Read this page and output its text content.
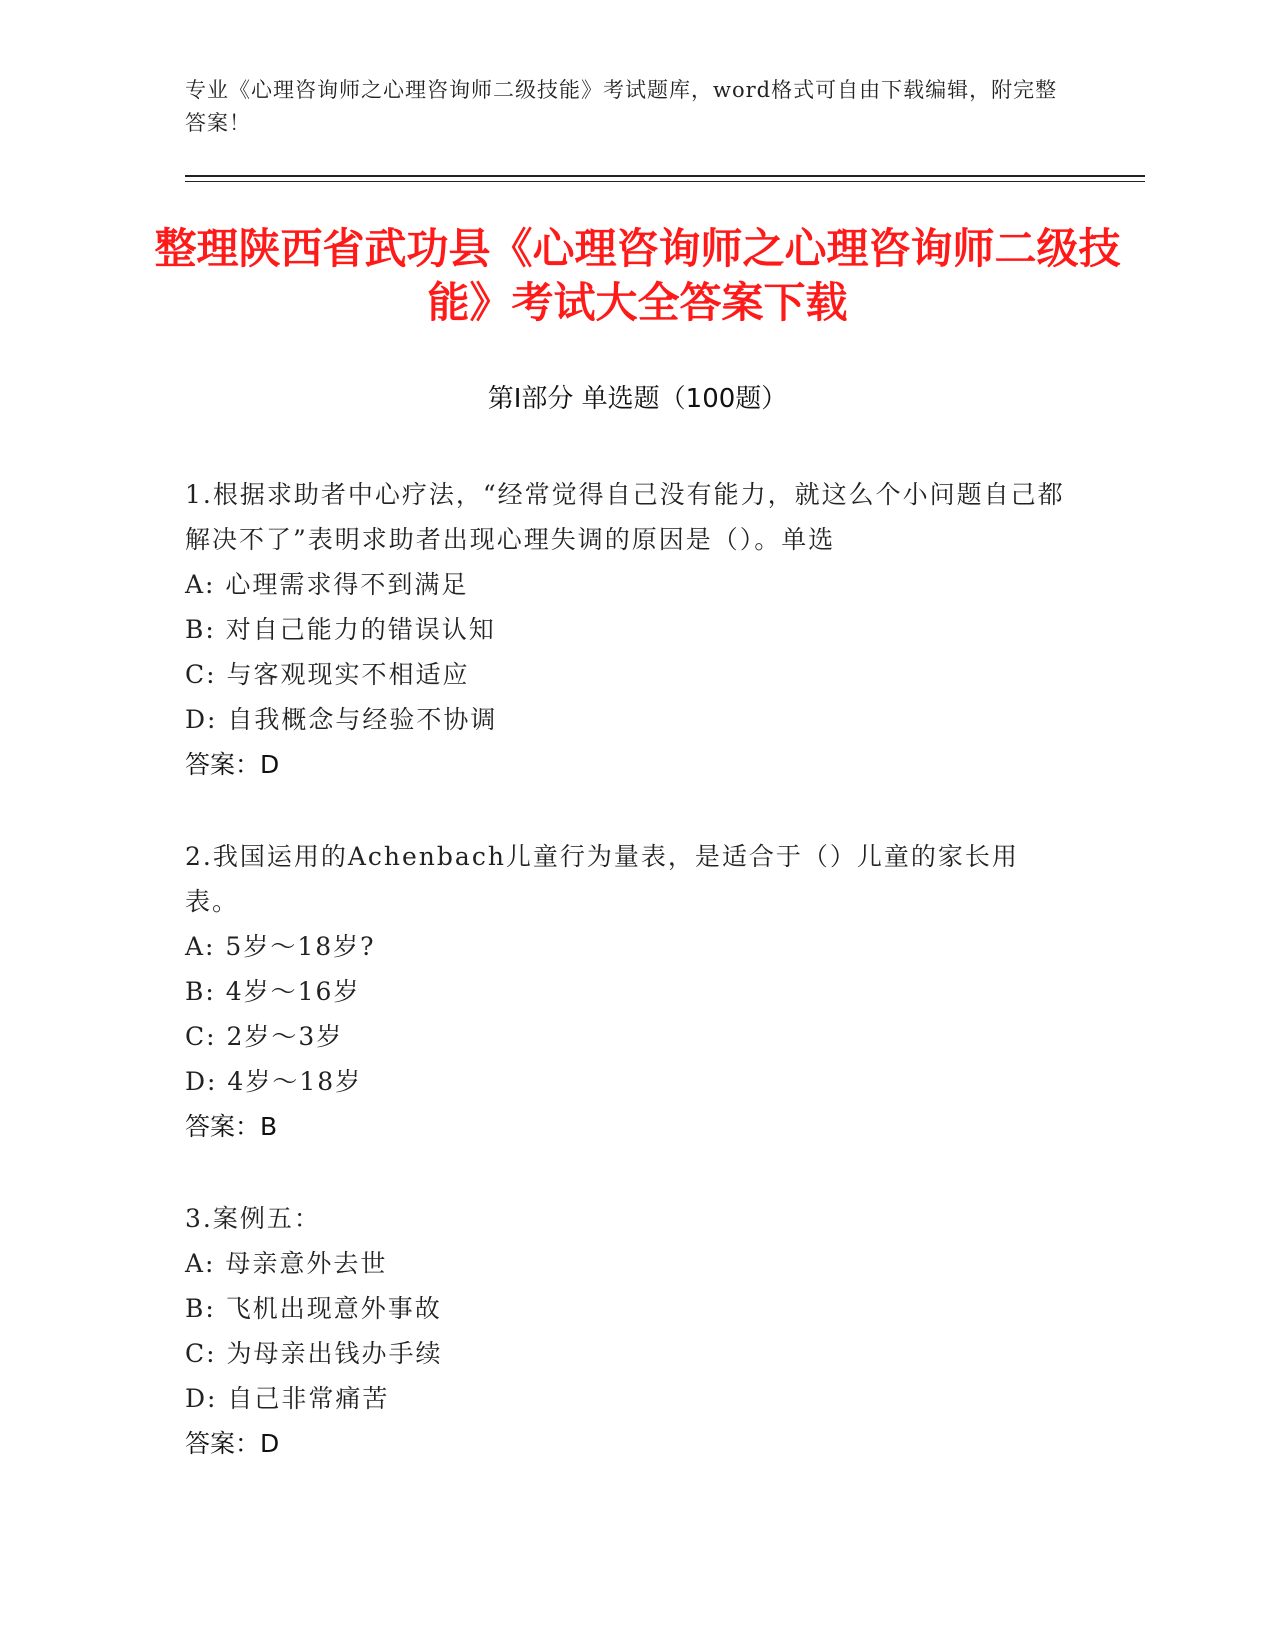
专业《心理咨询师之心理咨询师二级技能》考试题库，word格式可自由下载编辑，附完整答案！
整理陕西省武功县《心理咨询师之心理咨询师二级技能》考试大全答案下载
第I部分 单选题（100题）
1.根据求助者中心疗法，“经常觉得自己没有能力，就这么个小问题自己都解决不了”表明求助者出现心理失调的原因是（）。单选
A: 心理需求得不到满足
B: 对自己能力的错误认知
C: 与客观现实不相适应
D: 自我概念与经验不协调
答案：D
2.我国运用的Achenbach儿童行为量表，是适合于（）儿童的家长用表。
A: 5岁～18岁?
B: 4岁～16岁
C: 2岁～3岁
D: 4岁～18岁
答案：B
3.案例五：
A: 母亲意外去世
B: 飞机出现意外事故
C: 为母亲出钱办手续
D: 自己非常痛苦
答案：D
